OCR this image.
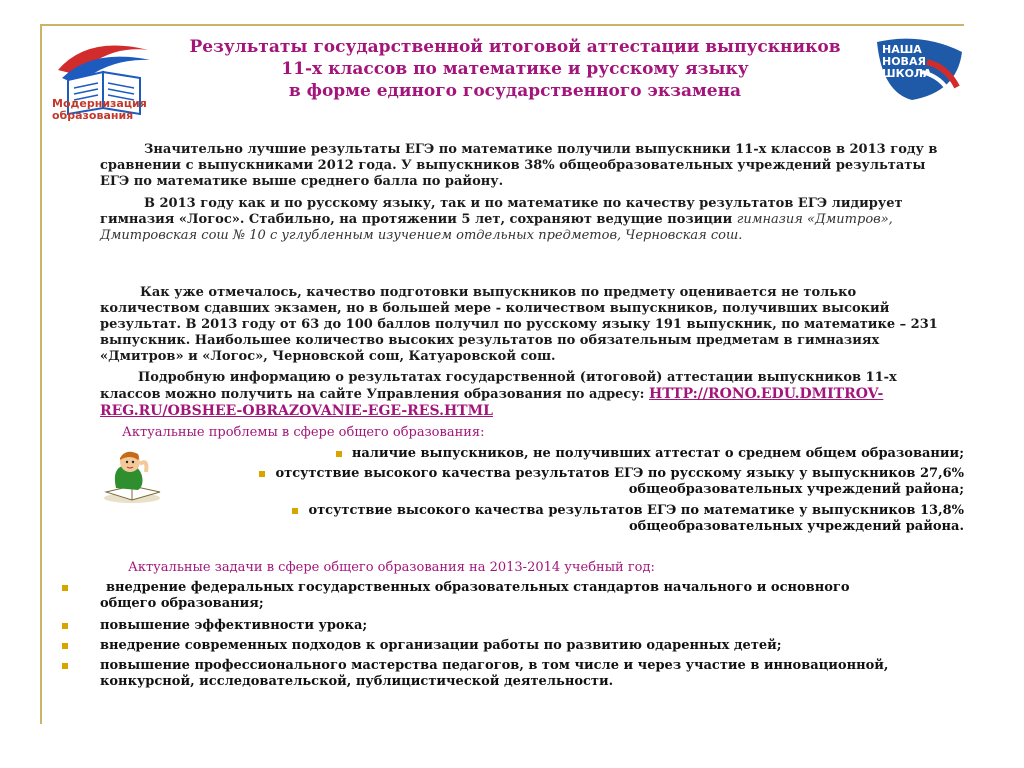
Модернизация
образования
НАША
НОВАЯ
ШКОЛА
Результаты государственной итоговой аттестации выпускников
11-х классов по математике и русскому языку
в форме единого государственного экзамена
Значительно лучшие результаты ЕГЭ по математике получили выпускники 11-х классов в 2013 году в сравнении с выпускниками 2012 года. У выпускников 38% общеобразовательных учреждений результаты ЕГЭ по математике выше среднего балла по району.
В 2013 году как и по русскому языку, так и по математике по качеству результатов ЕГЭ лидирует гимназия «Логос». Стабильно, на протяжении 5 лет, сохраняют ведущие позиции гимназия «Дмитров», Дмитровская сош № 10 с углубленным изучением отдельных предметов, Черновская сош.
Как уже отмечалось, качество подготовки выпускников по предмету оценивается не только количеством сдавших экзамен, но в большей мере - количеством выпускников, получивших высокий результат. В 2013 году от 63 до 100 баллов получил по русскому языку 191 выпускник, по математике – 231 выпускник. Наибольшее количество высоких результатов по обязательным предметам в гимназиях «Дмитров» и «Логос», Черновской сош, Катуаровской сош.
Подробную информацию о результатах государственной (итоговой) аттестации выпускников 11-х классов можно получить на сайте Управления образования по адресу: HTTP://RONO.EDU.DMITROV-REG.RU/OBSHEE-OBRAZOVANIE-EGE-RES.HTML
Актуальные проблемы в сфере общего образования:
наличие выпускников, не получивших аттестат о среднем общем образовании;
отсутствие высокого качества результатов ЕГЭ по русскому языку у выпускников 27,6%
общеобразовательных учреждений района;
отсутствие высокого качества результатов ЕГЭ по математике у выпускников 13,8%
общеобразовательных учреждений района.
Актуальные задачи в сфере общего образования на 2013-2014 учебный год:
внедрение федеральных государственных образовательных стандартов начального и основного общего образования;
повышение эффективности урока;
внедрение современных подходов к организации работы по развитию одаренных детей;
повышение профессионального мастерства педагогов, в том числе и через участие в инновационной, конкурсной, исследовательской, публицистической деятельности.
